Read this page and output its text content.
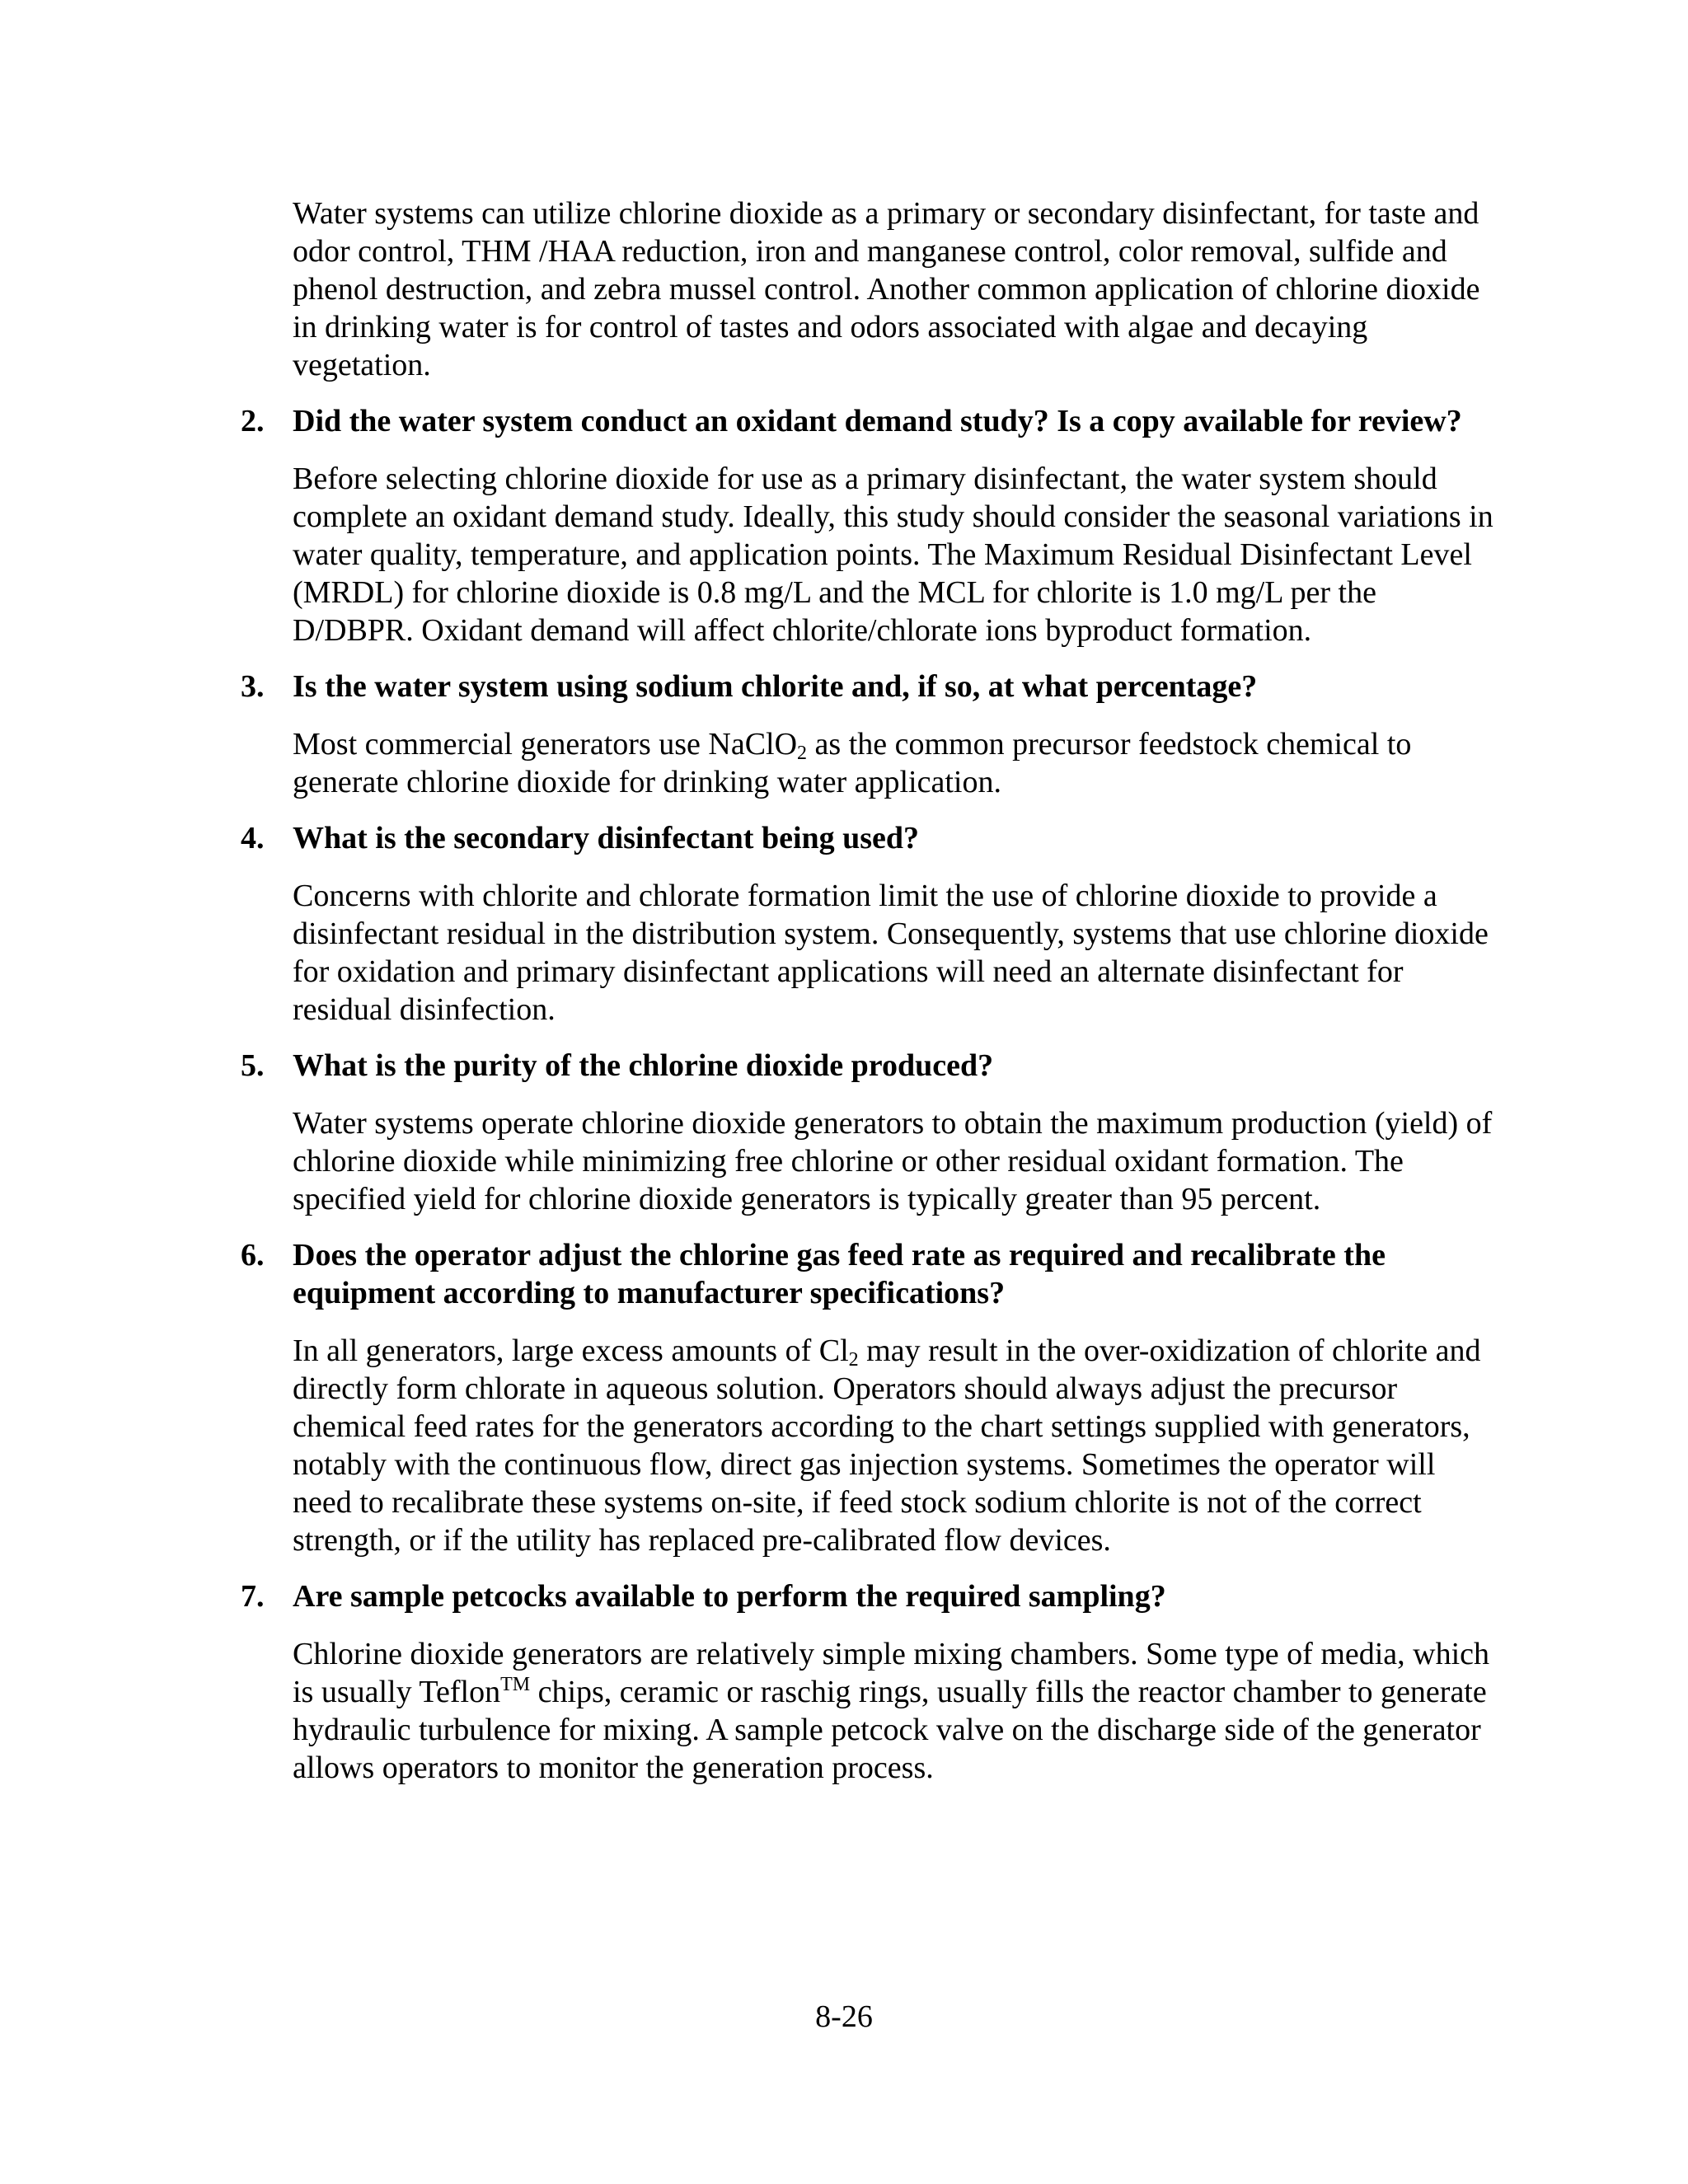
Water systems can utilize chlorine dioxide as a primary or secondary disinfectant, for taste and odor control, THM /HAA reduction, iron and manganese control, color removal, sulfide and phenol destruction, and zebra mussel control. Another common application of chlorine dioxide in drinking water is for control of tastes and odors associated with algae and decaying vegetation.

2. Did the water system conduct an oxidant demand study? Is a copy available for review?

Before selecting chlorine dioxide for use as a primary disinfectant, the water system should complete an oxidant demand study. Ideally, this study should consider the seasonal variations in water quality, temperature, and application points. The Maximum Residual Disinfectant Level (MRDL) for chlorine dioxide is 0.8 mg/L and the MCL for chlorite is 1.0 mg/L per the D/DBPR. Oxidant demand will affect chlorite/chlorate ions byproduct formation.

3. Is the water system using sodium chlorite and, if so, at what percentage?

Most commercial generators use NaClO$_2$ as the common precursor feedstock chemical to generate chlorine dioxide for drinking water application.

4. What is the secondary disinfectant being used?

Concerns with chlorite and chlorate formation limit the use of chlorine dioxide to provide a disinfectant residual in the distribution system. Consequently, systems that use chlorine dioxide for oxidation and primary disinfectant applications will need an alternate disinfectant for residual disinfection.

5. What is the purity of the chlorine dioxide produced?

Water systems operate chlorine dioxide generators to obtain the maximum production (yield) of chlorine dioxide while minimizing free chlorine or other residual oxidant formation. The specified yield for chlorine dioxide generators is typically greater than 95 percent.

6. Does the operator adjust the chlorine gas feed rate as required and recalibrate the equipment according to manufacturer specifications?

In all generators, large excess amounts of $Cl_2$ may result in the over-oxidization of chlorite and directly form chlorate in aqueous solution. Operators should always adjust the precursor chemical feed rates for the generators according to the chart settings supplied with generators, notably with the continuous flow, direct gas injection systems. Sometimes the operator will need to recalibrate these systems on-site, if feed stock sodium chlorite is not of the correct strength, or if the utility has replaced pre-calibrated flow devices.

7. Are sample petcocks available to perform the required sampling?

Chlorine dioxide generators are relatively simple mixing chambers. Some type of media, which is usually Teflon™ chips, ceramic or raschig rings, usually fills the reactor chamber to generate hydraulic turbulence for mixing. A sample petcock valve on the discharge side of the generator allows operators to monitor the generation process.

8-26
